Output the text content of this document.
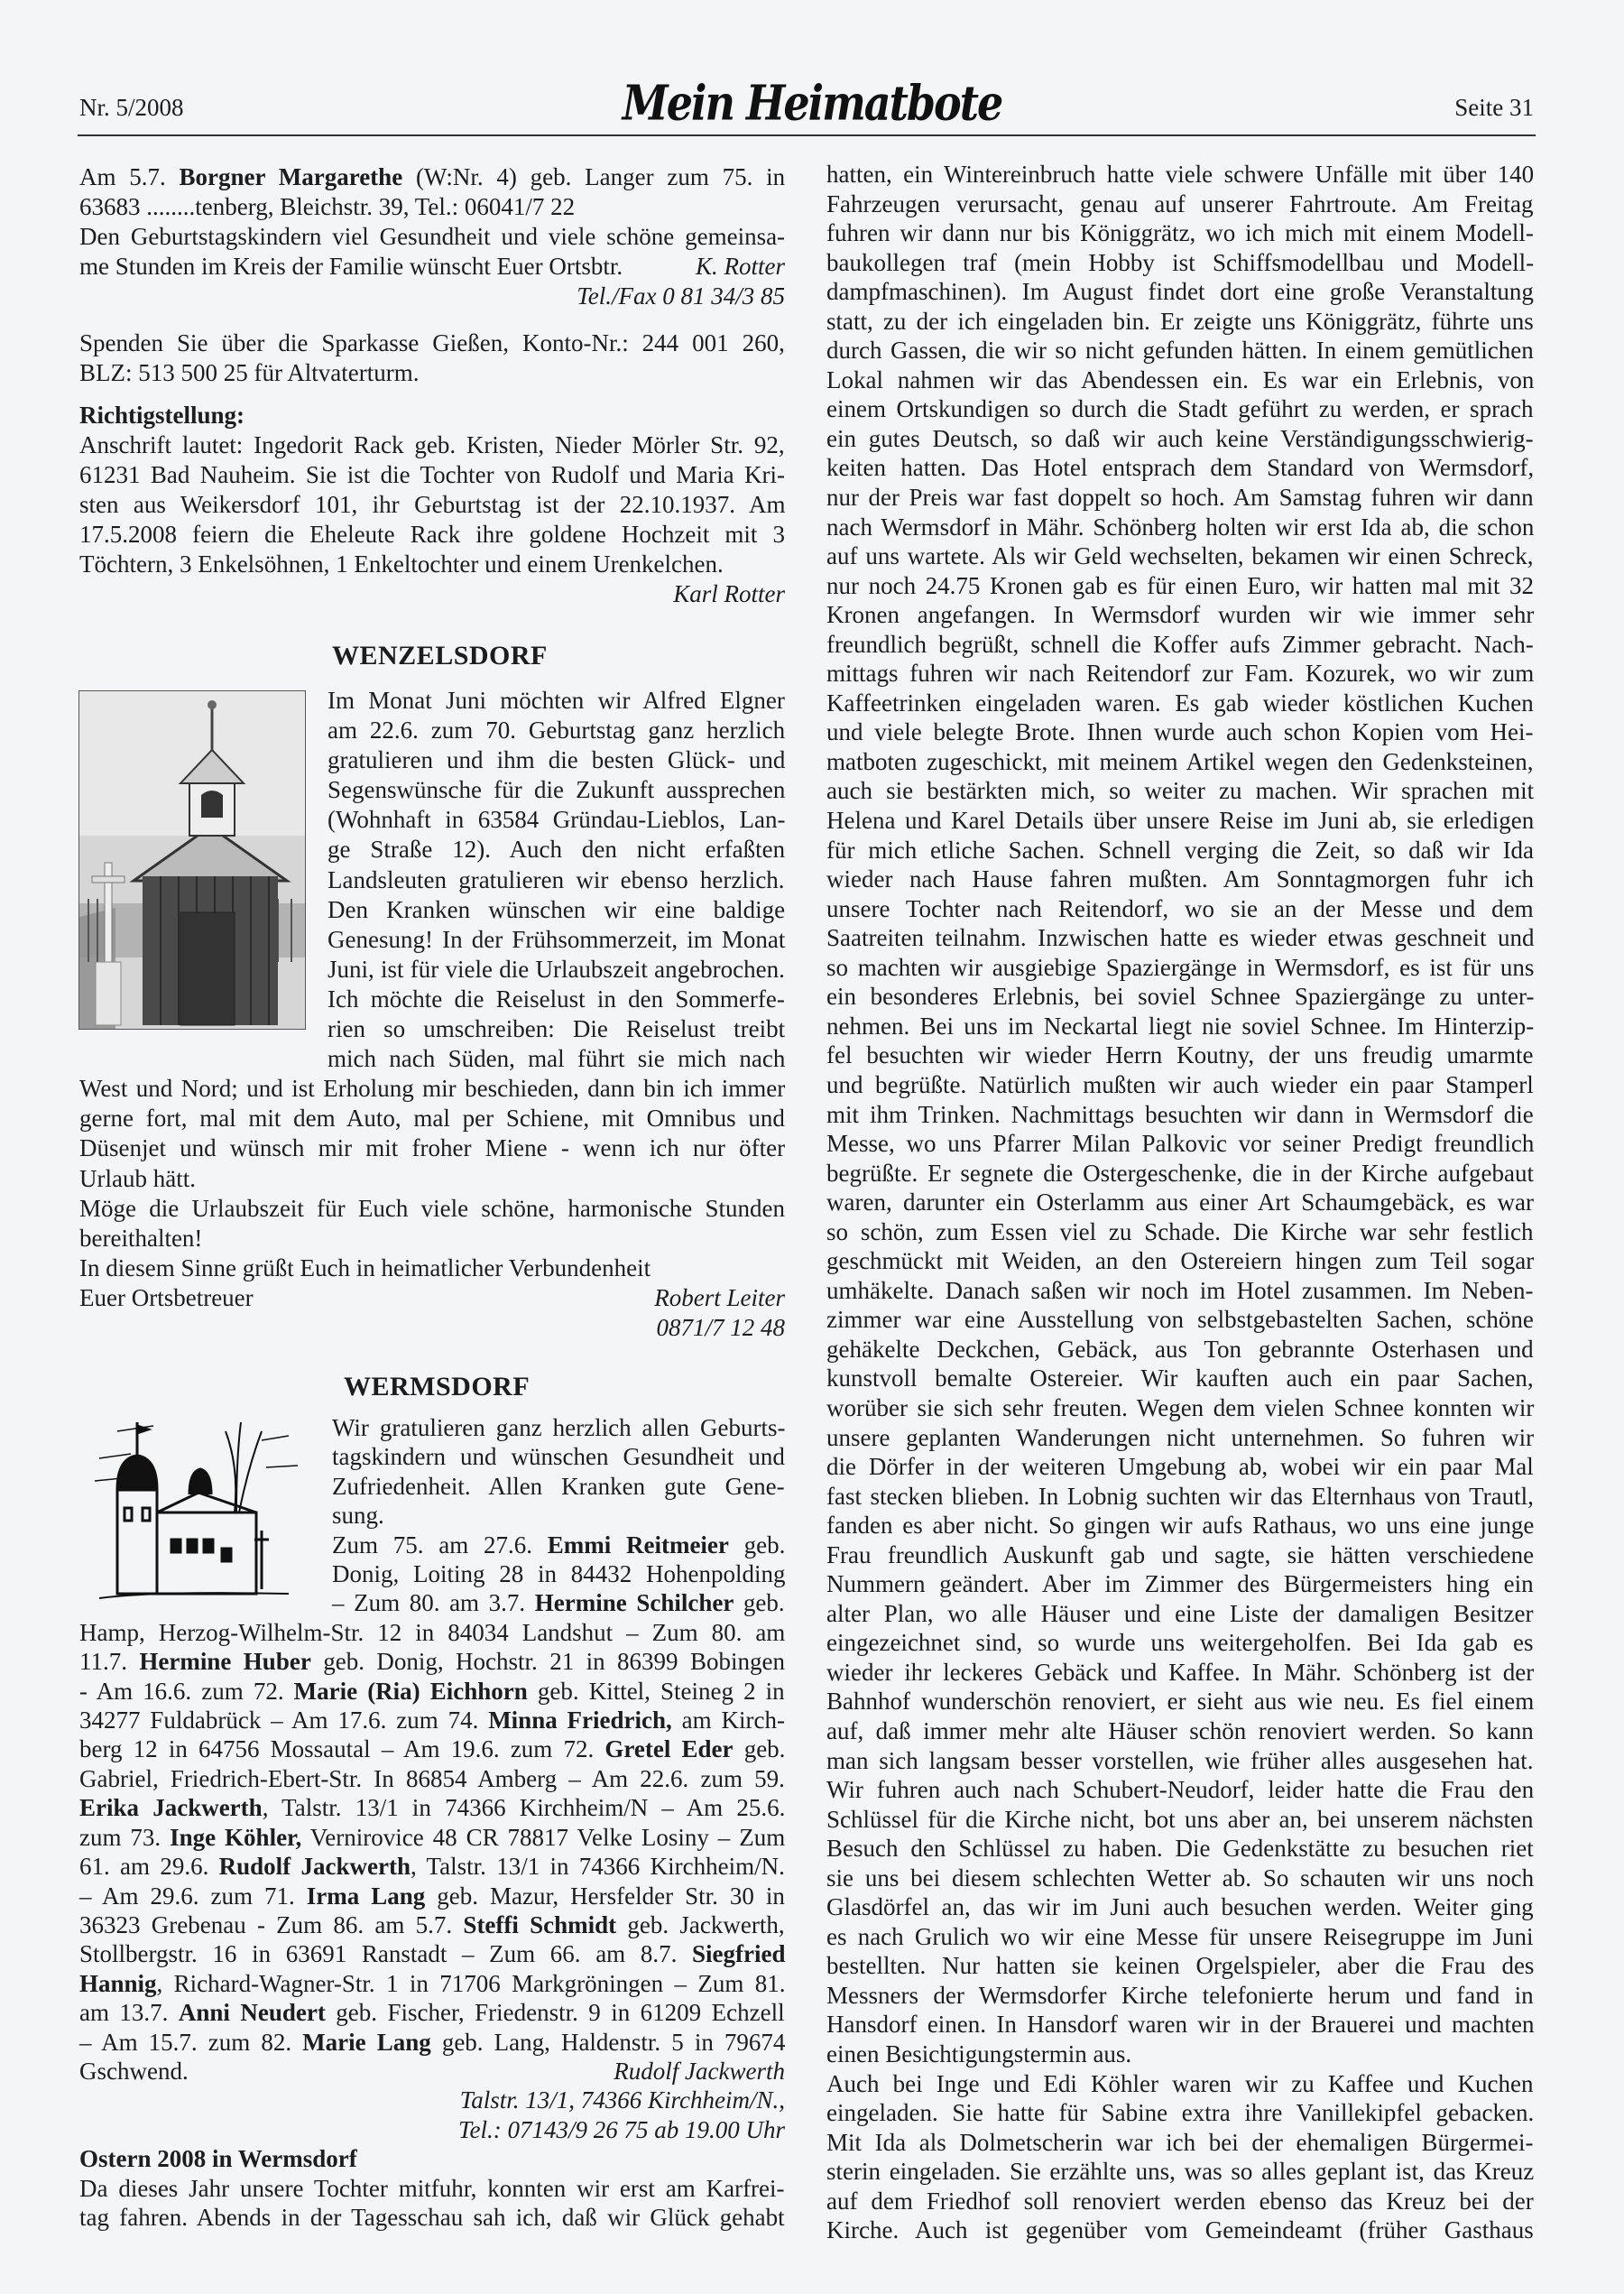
Nr. 5/2008	Mein Heimatbote	Seite 31
Am 5.7. Borgner Margarethe (W:Nr. 4) geb. Langer zum 75. in
63683 ........tenberg, Bleichstr. 39, Tel.: 06041/7 22
Den Geburtstagskindern viel Gesundheit und viele schöne gemeinsa-
me Stunden im Kreis der Familie wünscht Euer Ortsbtr.	K. Rotter
Tel./Fax 0 81 34/3 85
Spenden Sie über die Sparkasse Gießen, Konto-Nr.: 244 001 260,
BLZ: 513 500 25 für Altvaterturm.
Richtigstellung:
Anschrift lautet: Ingedorit Rack geb. Kristen, Nieder Mörler Str. 92,
61231 Bad Nauheim. Sie ist die Tochter von Rudolf und Maria Kri-
sten aus Weikersdorf 101, ihr Geburtstag ist der 22.10.1937. Am
17.5.2008 feiern die Eheleute Rack ihre goldene Hochzeit mit 3
Töchtern, 3 Enkelsöhnen, 1 Enkeltochter und einem Urenkelchen.
Karl Rotter
WENZELSDORF
Im Monat Juni möchten wir Alfred Elgner
am 22.6. zum 70. Geburtstag ganz herzlich
gratulieren und ihm die besten Glück- und
Segenswünsche für die Zukunft aussprechen
(Wohnhaft in 63584 Gründau-Lieblos, Lan-
ge Straße 12). Auch den nicht erfaßten
Landsleuten gratulieren wir ebenso herzlich.
Den Kranken wünschen wir eine baldige
Genesung! In der Frühsommerzeit, im Monat
Juni, ist für viele die Urlaubszeit angebrochen.
Ich möchte die Reiselust in den Sommerfe-
rien so umschreiben: Die Reiselust treibt
mich nach Süden, mal führt sie mich nach
West und Nord; und ist Erholung mir beschieden, dann bin ich immer
gerne fort, mal mit dem Auto, mal per Schiene, mit Omnibus und
Düsenjet und wünsch mir mit froher Miene - wenn ich nur öfter
Urlaub hätt.
Möge die Urlaubszeit für Euch viele schöne, harmonische Stunden
bereithalten!
In diesem Sinne grüßt Euch in heimatlicher Verbundenheit
Euer Ortsbetreuer	Robert Leiter
0871/7 12 48
WERMSDORF
Wir gratulieren ganz herzlich allen Geburts-
tagskindern und wünschen Gesundheit und
Zufriedenheit. Allen Kranken gute Gene-
sung.
Zum 75. am 27.6. Emmi Reitmeier geb.
Donig, Loiting 28 in 84432 Hohenpolding
– Zum 80. am 3.7. Hermine Schilcher geb.
Hamp, Herzog-Wilhelm-Str. 12 in 84034 Landshut – Zum 80. am
11.7. Hermine Huber geb. Donig, Hochstr. 21 in 86399 Bobingen
- Am 16.6. zum 72. Marie (Ria) Eichhorn geb. Kittel, Steineg 2 in
34277 Fuldabrück – Am 17.6. zum 74. Minna Friedrich, am Kirch-
berg 12 in 64756 Mossautal – Am 19.6. zum 72. Gretel Eder geb.
Gabriel, Friedrich-Ebert-Str. In 86854 Amberg – Am 22.6. zum 59.
Erika Jackwerth, Talstr. 13/1 in 74366 Kirchheim/N – Am 25.6.
zum 73. Inge Köhler, Vernirovice 48 CR 78817 Velke Losiny – Zum
61. am 29.6. Rudolf Jackwerth, Talstr. 13/1 in 74366 Kirchheim/N.
– Am 29.6. zum 71. Irma Lang geb. Mazur, Hersfelder Str. 30 in
36323 Grebenau - Zum 86. am 5.7. Steffi Schmidt geb. Jackwerth,
Stollbergstr. 16 in 63691 Ranstadt – Zum 66. am 8.7. Siegfried
Hannig, Richard-Wagner-Str. 1 in 71706 Markgröningen – Zum 81.
am 13.7. Anni Neudert geb. Fischer, Friedenstr. 9 in 61209 Echzell
– Am 15.7. zum 82. Marie Lang geb. Lang, Haldenstr. 5 in 79674
Gschwend.	Rudolf Jackwerth
Talstr. 13/1, 74366 Kirchheim/N.,
Tel.: 07143/9 26 75 ab 19.00 Uhr
Ostern 2008 in Wermsdorf
Da dieses Jahr unsere Tochter mitfuhr, konnten wir erst am Karfrei-
tag fahren. Abends in der Tagesschau sah ich, daß wir Glück gehabt
hatten, ein Wintereinbruch hatte viele schwere Unfälle mit über 140
Fahrzeugen verursacht, genau auf unserer Fahrtroute. Am Freitag
fuhren wir dann nur bis Königgrätz, wo ich mich mit einem Modell-
baukollegen traf (mein Hobby ist Schiffsmodellbau und Modell-
dampfmaschinen). Im August findet dort eine große Veranstaltung
statt, zu der ich eingeladen bin. Er zeigte uns Königgrätz, führte uns
durch Gassen, die wir so nicht gefunden hätten. In einem gemütlichen
Lokal nahmen wir das Abendessen ein. Es war ein Erlebnis, von
einem Ortskundigen so durch die Stadt geführt zu werden, er sprach
ein gutes Deutsch, so daß wir auch keine Verständigungsschwierig-
keiten hatten. Das Hotel entsprach dem Standard von Wermsdorf,
nur der Preis war fast doppelt so hoch. Am Samstag fuhren wir dann
nach Wermsdorf in Mähr. Schönberg holten wir erst Ida ab, die schon
auf uns wartete. Als wir Geld wechselten, bekamen wir einen Schreck,
nur noch 24.75 Kronen gab es für einen Euro, wir hatten mal mit 32
Kronen angefangen. In Wermsdorf wurden wir wie immer sehr
freundlich begrüßt, schnell die Koffer aufs Zimmer gebracht. Nach-
mittags fuhren wir nach Reitendorf zur Fam. Kozurek, wo wir zum
Kaffeetrinken eingeladen waren. Es gab wieder köstlichen Kuchen
und viele belegte Brote. Ihnen wurde auch schon Kopien vom Hei-
matboten zugeschickt, mit meinem Artikel wegen den Gedenksteinen,
auch sie bestärkten mich, so weiter zu machen. Wir sprachen mit
Helena und Karel Details über unsere Reise im Juni ab, sie erledigen
für mich etliche Sachen. Schnell verging die Zeit, so daß wir Ida
wieder nach Hause fahren mußten. Am Sonntagmorgen fuhr ich
unsere Tochter nach Reitendorf, wo sie an der Messe und dem
Saatreiten teilnahm. Inzwischen hatte es wieder etwas geschneit und
so machten wir ausgiebige Spaziergänge in Wermsdorf, es ist für uns
ein besonderes Erlebnis, bei soviel Schnee Spaziergänge zu unter-
nehmen. Bei uns im Neckartal liegt nie soviel Schnee. Im Hinterzip-
fel besuchten wir wieder Herrn Koutny, der uns freudig umarmte
und begrüßte. Natürlich mußten wir auch wieder ein paar Stamperl
mit ihm Trinken. Nachmittags besuchten wir dann in Wermsdorf die
Messe, wo uns Pfarrer Milan Palkovic vor seiner Predigt freundlich
begrüßte. Er segnete die Ostergeschenke, die in der Kirche aufgebaut
waren, darunter ein Osterlamm aus einer Art Schaumgebäck, es war
so schön, zum Essen viel zu Schade. Die Kirche war sehr festlich
geschmückt mit Weiden, an den Ostereiern hingen zum Teil sogar
umhäkelte. Danach saßen wir noch im Hotel zusammen. Im Neben-
zimmer war eine Ausstellung von selbstgebastelten Sachen, schöne
gehäkelte Deckchen, Gebäck, aus Ton gebrannte Osterhasen und
kunstvoll bemalte Ostereier. Wir kauften auch ein paar Sachen,
worüber sie sich sehr freuten. Wegen dem vielen Schnee konnten wir
unsere geplanten Wanderungen nicht unternehmen. So fuhren wir
die Dörfer in der weiteren Umgebung ab, wobei wir ein paar Mal
fast stecken blieben. In Lobnig suchten wir das Elternhaus von Trautl,
fanden es aber nicht. So gingen wir aufs Rathaus, wo uns eine junge
Frau freundlich Auskunft gab und sagte, sie hätten verschiedene
Nummern geändert. Aber im Zimmer des Bürgermeisters hing ein
alter Plan, wo alle Häuser und eine Liste der damaligen Besitzer
eingezeichnet sind, so wurde uns weitergeholfen. Bei Ida gab es
wieder ihr leckeres Gebäck und Kaffee. In Mähr. Schönberg ist der
Bahnhof wunderschön renoviert, er sieht aus wie neu. Es fiel einem
auf, daß immer mehr alte Häuser schön renoviert werden. So kann
man sich langsam besser vorstellen, wie früher alles ausgesehen hat.
Wir fuhren auch nach Schubert-Neudorf, leider hatte die Frau den
Schlüssel für die Kirche nicht, bot uns aber an, bei unserem nächsten
Besuch den Schlüssel zu haben. Die Gedenkstätte zu besuchen riet
sie uns bei diesem schlechten Wetter ab. So schauten wir uns noch
Glasdörfel an, das wir im Juni auch besuchen werden. Weiter ging
es nach Grulich wo wir eine Messe für unsere Reisegruppe im Juni
bestellten. Nur hatten sie keinen Orgelspieler, aber die Frau des
Messners der Wermsdorfer Kirche telefonierte herum und fand in
Hansdorf einen. In Hansdorf waren wir in der Brauerei und machten
einen Besichtigungstermin aus.
Auch bei Inge und Edi Köhler waren wir zu Kaffee und Kuchen
eingeladen. Sie hatte für Sabine extra ihre Vanillekipfel gebacken.
Mit Ida als Dolmetscherin war ich bei der ehemaligen Bürgermei-
sterin eingeladen. Sie erzählte uns, was so alles geplant ist, das Kreuz
auf dem Friedhof soll renoviert werden ebenso das Kreuz bei der
Kirche. Auch ist gegenüber vom Gemeindeamt (früher Gasthaus
